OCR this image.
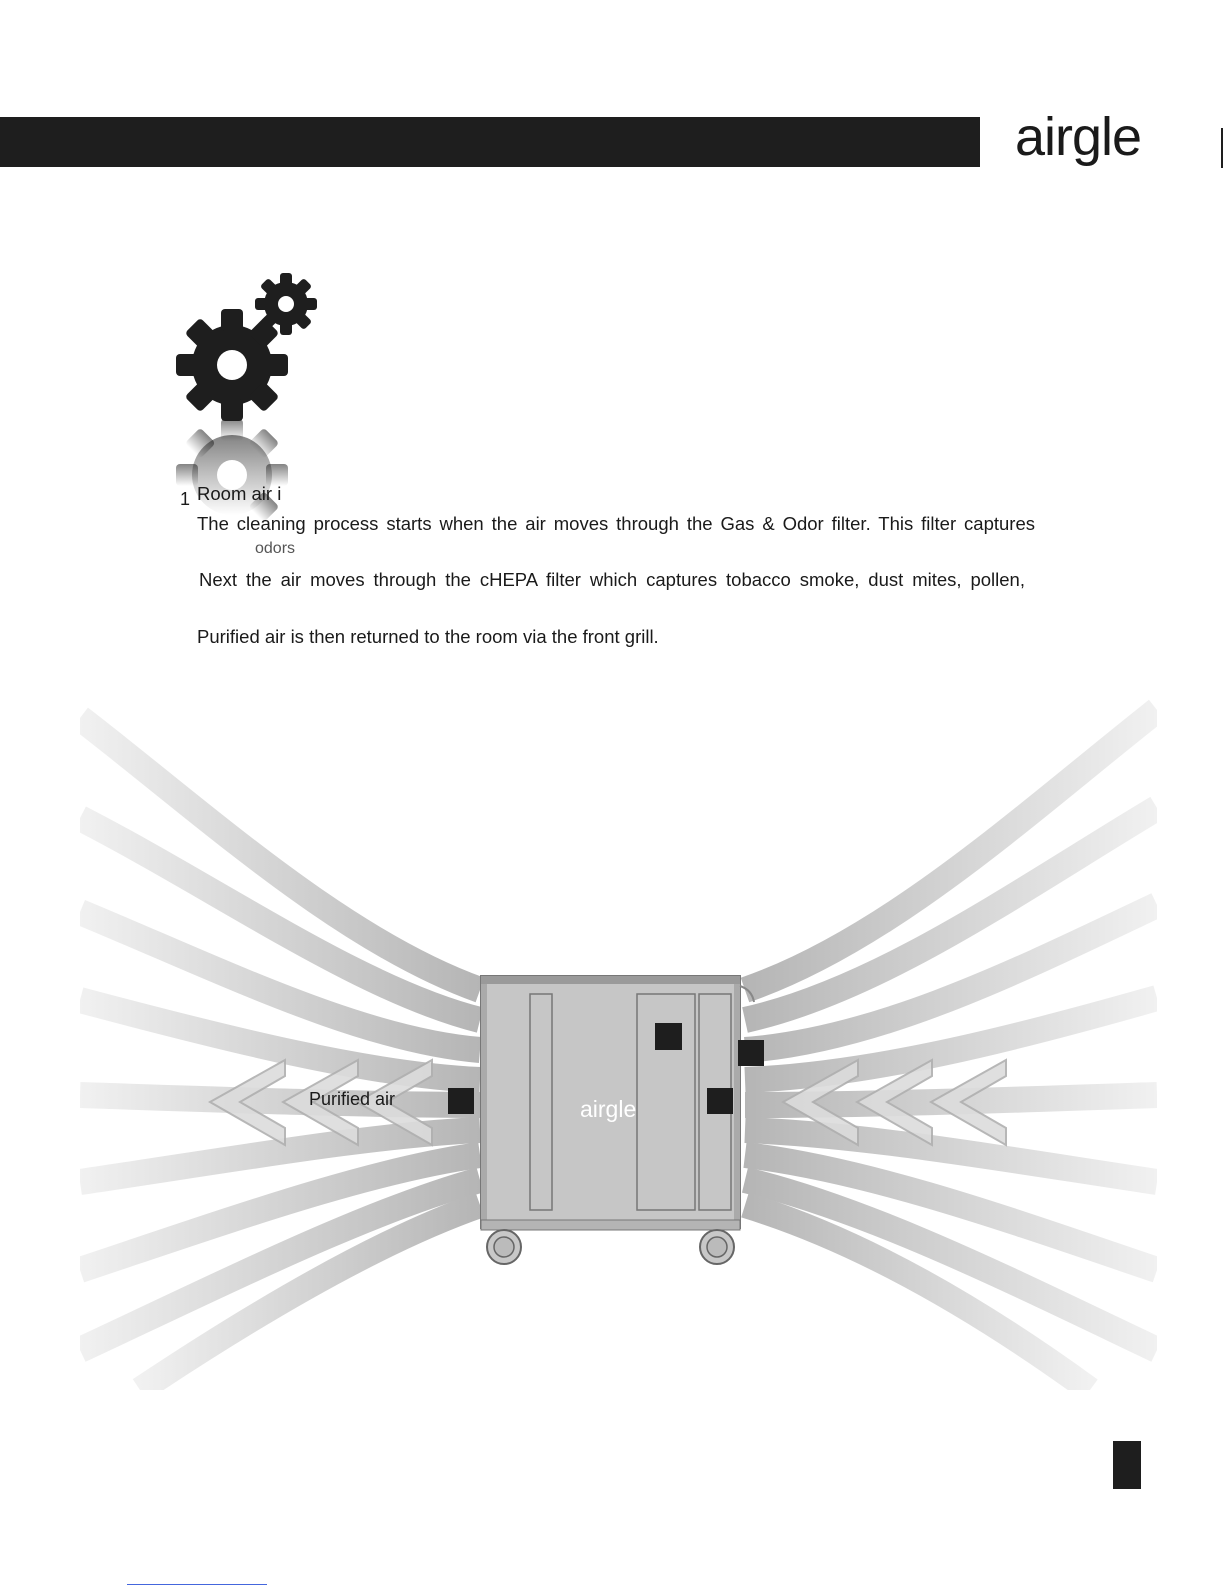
airgle
1 Room air i
The cleaning process starts when the air moves through the Gas & Odor filter. This filter captures
odors
Next the air moves through the cHEPA filter which captures tobacco smoke, dust mites, pollen,
Purified air is then returned to the room via the front grill.
Purified air	airgle
